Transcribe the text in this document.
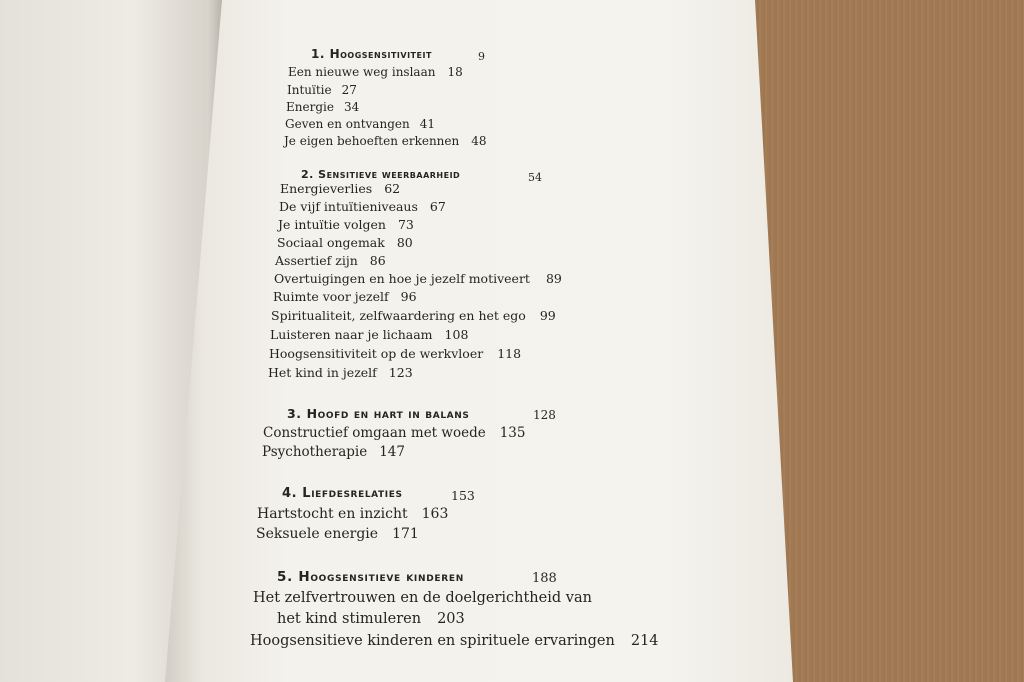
1. Hoogsensitiviteit	9
Een nieuwe weg inslaan 18
Intuïtie 27
Energie 34
Geven en ontvangen 41
Je eigen behoeften erkennen 48
2. Sensitieve weerbaarheid	54
Energieverlies 62
De vijf intuïtieniveaus 67
Je intuïtie volgen 73
Sociaal ongemak 80
Assertief zijn 86
Overtuigingen en hoe je jezelf motiveert 89
Ruimte voor jezelf 96
Spiritualiteit, zelfwaardering en het ego 99
Luisteren naar je lichaam 108
Hoogsensitiviteit op de werkvloer 118
Het kind in jezelf 123
3. Hoofd en hart in balans	128
Constructief omgaan met woede 135
Psychotherapie 147
4. Liefdesrelaties	153
Hartstocht en inzicht 163
Seksuele energie 171
5. Hoogsensitieve kinderen	188
Het zelfvertrouwen en de doelgerichtheid van
het kind stimuleren 203
Hoogsensitieve kinderen en spirituele ervaringen 214
